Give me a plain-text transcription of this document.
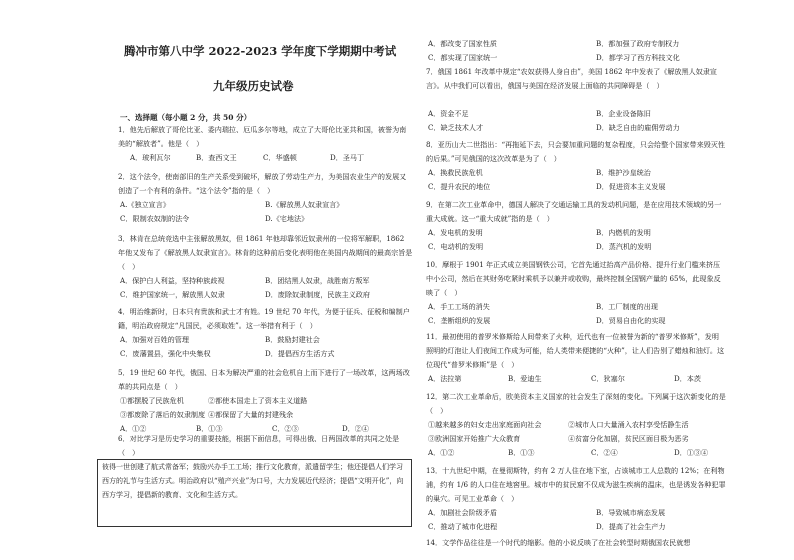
腾冲市第八中学 2022-2023 学年度下学期期中考试
九年级历史试卷
一、选择题（每小题 2 分，共 50 分）
1．他先后解放了哥伦比亚、委内瑞拉、厄瓜多尔等地，成立了大哥伦比亚共和国，被誉为南美的“解放者”。他是（　）
A．玻利瓦尔	B．查西文王	C．华盛顿	D．圣马丁
2．这个法令，使南部旧的生产关系受到破坏，解放了劳动生产力，为美国农业生产的发展又创造了一个有利的条件。“这个法令”指的是（　）
A.《独立宣言》	B.《解放黑人奴隶宣言》
C．限制农奴制的法令	D.《宅地法》
3．林肯在总统竞选中主张解放黑奴，但 1861 年他却靠邻近奴隶州的一位将军解职，1862 年他又发布了《解放黑人奴隶宣言》。林肯的这种前后变化表明他在美国内战期间的最高宗旨是（　）
A．保护白人利益，坚持种族歧视	B．团结黑人奴隶，战胜南方叛军
C．维护国家统一，解放黑人奴隶	D．废除奴隶制度，民族主义政府
4．明治维新时，日本只有贵族和武士才有姓。19 世纪 70 年代，为便于征兵、征税和编制户籍，明治政府规定“凡国民，必须取姓”。这一举措有利于（　）
A．加强对百姓的管理	B．鼓励封建社会
C．废藩置县，强化中央集权	D．提倡西方生活方式
5．19 世纪 60 年代，俄国、日本为解决严重的社会危机自上而下进行了一场改革，这两场改革的共同点是（　）
①都摆脱了民族危机	②都使本国走上了资本主义道路
③都废除了落后的奴隶制度 ④都保留了大量的封建残余
A．①②	B．①③	C．②③	D．②④
6．对比学习是历史学习的重要技能，根据下面信息，可得出俄、日两国改革的共同之处是（　）
彼得一世创建了航式常备军；鼓励兴办手工工场；推行文化教育，派遣留学生；他还提倡人们学习西方的礼节与生活方式。明治政府以“殖产兴业”为口号，大力发展近代经济；提倡“文明开化”，向西方学习，提倡新的教育、文化和生活方式。
A．都改变了国家性质	B．都加强了政府专制权力
C．都实现了国家统一	D．都学习了西方科技文化
7．俄国 1861 年改革中规定“农奴获得人身自由”，美国 1862 年中发表了《解放黑人奴隶宣言》。从中我们可以看出，俄国与美国在经济发展上面临的共同障碍是（　）
A．资金不足	B．企业设备陈旧
C．缺乏技术人才	D．缺乏自由的雇佣劳动力
8．亚历山大二世指出：“再拖延下去，只会要加重问题的复杂程度，只会给整个国家带来毁灭性的后果。”可见俄国的这次改革是为了（　）
A．换救民族危机	B．维护沙皇统治
C．提升农民的地位	D．促进资本主义发展
9．在第二次工业革命中，德国人解决了交通运输工具的发动机问题，是在应用技术领域的另一重大成就。这一“重大成就”指的是（　）
A．发电机的发明	B．内燃机的发明
C．电动机的发明	D．蒸汽机的发明
10．摩根于 1901 年正式成立美国钢铁公司，它首先通过抬高产品价格、提升行业门槛来挤压中小公司，然后在其财务吃紧时乘机予以兼并或收购，最终控制全国钢产量的 65%，此现象反映了（　）
A．手工工场的消失	B．工厂制度的出现
C．垄断组织的发展	D．贸易自由化的实现
11．最初使用的普罗米修斯给人间带来了火种，近代也有一位被誉为新的“普罗米修斯”，发明照明的灯泡让人们夜间工作成为可能，给人类带来便捷的“火种”，让人们告别了蜡烛和油灯。这位现代“普罗米修斯”是（　）
A．法拉第	B．爱迪生	C．狄塞尔	D．本茨
12．第二次工业革命后，欧美资本主义国家的社会发生了深刻的变化。下列属于这次新变化的是（　）
①越来越多的妇女走出家庭面向社会	②城市人口大量涌入农村享受恬静生活
③欧洲国家开始推广大众教育	④贫富分化加剧，贫民区面目极为恶劣
A．①②	B．①③	C．②④	D．①③④
13．十九世纪中期，在曼彻斯特，约有 2 万人住在地下室，占该城市工人总数的 12%；在利物浦，约有 1/6 的人口住在地窖里。城市中的贫民窟不仅成为滋生疾病的温床，也是诱发各种犯罪的巢穴。可见工业革命（　）
A．加剧社会阶级矛盾	B．导致城市病态发展
C．推动了城市化进程	D．提高了社会生产力
14．文学作品往往是一个时代的缩影。他的小说反映了在社会转型时期俄国农民就想
